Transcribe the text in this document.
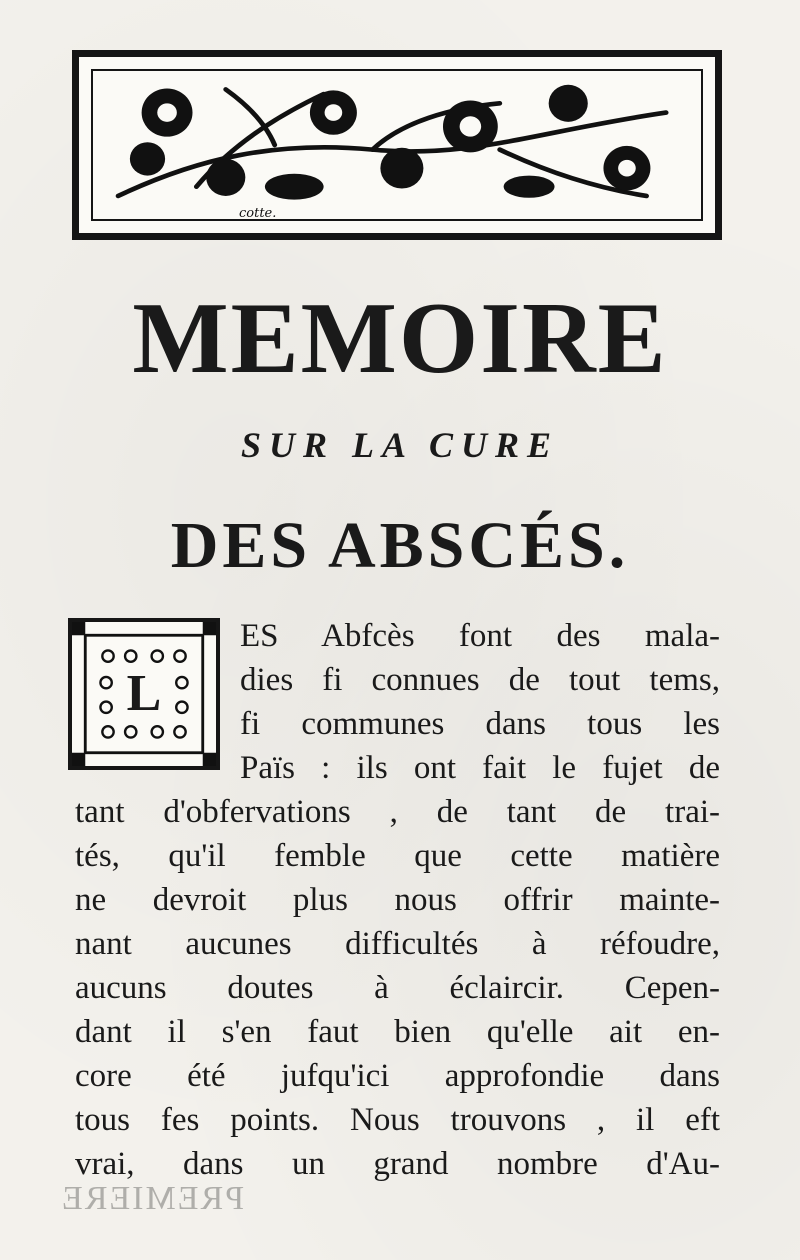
cotte.
MEMOIRE
SUR LA CURE
DES ABSCÉS.
L
ES Abfcès font des mala-
dies fi connues de tout tems,
fi communes dans tous les
Païs : ils ont fait le fujet de
tant d'obfervations , de tant de trai-
tés, qu'il femble que cette matière
ne devroit plus nous offrir mainte-
nant aucunes difficultés à réfoudre,
aucuns doutes à éclaircir. Cepen-
dant il s'en faut bien qu'elle ait en-
core été jufqu'ici approfondie dans
tous fes points. Nous trouvons , il eft
vrai, dans un grand nombre d'Au-
PREMIERE
